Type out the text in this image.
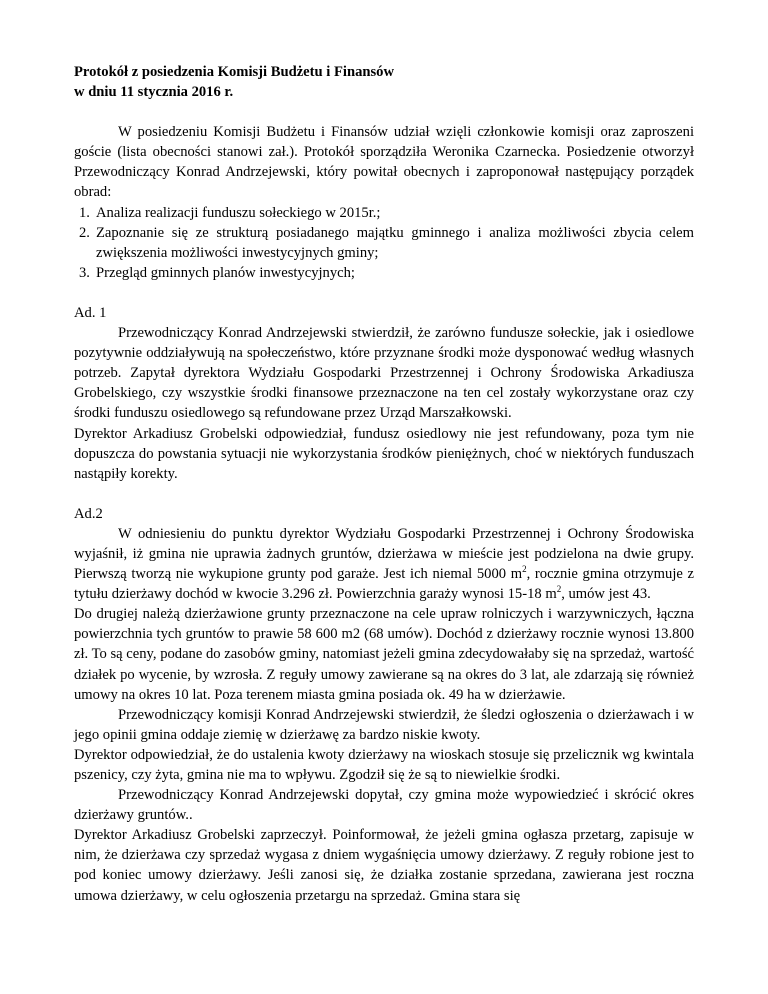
Protokół z posiedzenia Komisji Budżetu i Finansów

w dniu 11 stycznia 2016 r.

W posiedzeniu Komisji Budżetu i Finansów udział wzięli członkowie komisji oraz zaproszeni goście (lista obecności stanowi zał.). Protokół sporządziła Weronika Czarnecka. Posiedzenie otworzył Przewodniczący Konrad Andrzejewski, który powitał obecnych i zaproponował następujący porządek obrad:

1. Analiza realizacji funduszu sołeckiego w 2015r.;
2. Zapoznanie się ze strukturą posiadanego majątku gminnego i analiza możliwości zbycia celem zwiększenia możliwości inwestycyjnych gminy;
3. Przegląd gminnych planów inwestycyjnych;

Ad. 1

Przewodniczący Konrad Andrzejewski stwierdził, że zarówno fundusze sołeckie, jak i osiedlowe pozytywnie oddziaływują na społeczeństwo, które przyznane środki może dysponować według własnych potrzeb. Zapytał dyrektora Wydziału Gospodarki Przestrzennej i Ochrony Środowiska Arkadiusza Grobelskiego, czy wszystkie środki finansowe przeznaczone na ten cel zostały wykorzystane oraz czy środki funduszu osiedlowego są refundowane przez Urząd Marszałkowski.

Dyrektor Arkadiusz Grobelski odpowiedział, fundusz osiedlowy nie jest refundowany, poza tym nie dopuszcza do powstania sytuacji nie wykorzystania środków pieniężnych, choć w niektórych funduszach nastąpiły korekty.

Ad.2

W odniesieniu do punktu dyrektor Wydziału Gospodarki Przestrzennej i Ochrony Środowiska wyjaśnił, iż gmina nie uprawia żadnych gruntów, dzierżawa w mieście jest podzielona na dwie grupy. Pierwszą tworzą nie wykupione grunty pod garaże. Jest ich niemal 5000 $m^2$, rocznie gmina otrzymuje z tytułu dzierżawy dochód w kwocie 3.296 zł. Powierzchnia garaży wynosi 15-18 $m^2$, umów jest 43.

Do drugiej należą dzierżawione grunty przeznaczone na cele upraw rolniczych i warzywniczych, łączna powierzchnia tych gruntów to prawie 58 600 m2 (68 umów). Dochód z dzierżawy rocznie wynosi 13.800 zł. To są ceny, podane do zasobów gminy, natomiast jeżeli gmina zdecydowałaby się na sprzedaż, wartość działek po wycenie, by wzrosła. Z reguły umowy zawierane są na okres do 3 lat, ale zdarzają się również umowy na okres 10 lat. Poza terenem miasta gmina posiada ok. 49 ha w dzierżawie.

Przewodniczący komisji Konrad Andrzejewski stwierdził, że śledzi ogłoszenia o dzierżawach i w jego opinii gmina oddaje ziemię w dzierżawę za bardzo niskie kwoty.

Dyrektor odpowiedział, że do ustalenia kwoty dzierżawy na wioskach stosuje się przelicznik wg kwintala pszenicy, czy żyta, gmina nie ma to wpływu. Zgodził się że są to niewielkie środki.

Przewodniczący Konrad Andrzejewski dopytał, czy gmina może wypowiedzieć i skrócić okres dzierżawy gruntów..

Dyrektor Arkadiusz Grobelski zaprzeczył. Poinformował, że jeżeli gmina ogłasza przetarg, zapisuje w nim, że dzierżawa czy sprzedaż wygasa z dniem wygaśnięcia umowy dzierżawy. Z reguły robione jest to pod koniec umowy dzierżawy. Jeśli zanosi się, że działka zostanie sprzedana, zawierana jest roczna umowa dzierżawy, w celu ogłoszenia przetargu na sprzedaż. Gmina stara się
